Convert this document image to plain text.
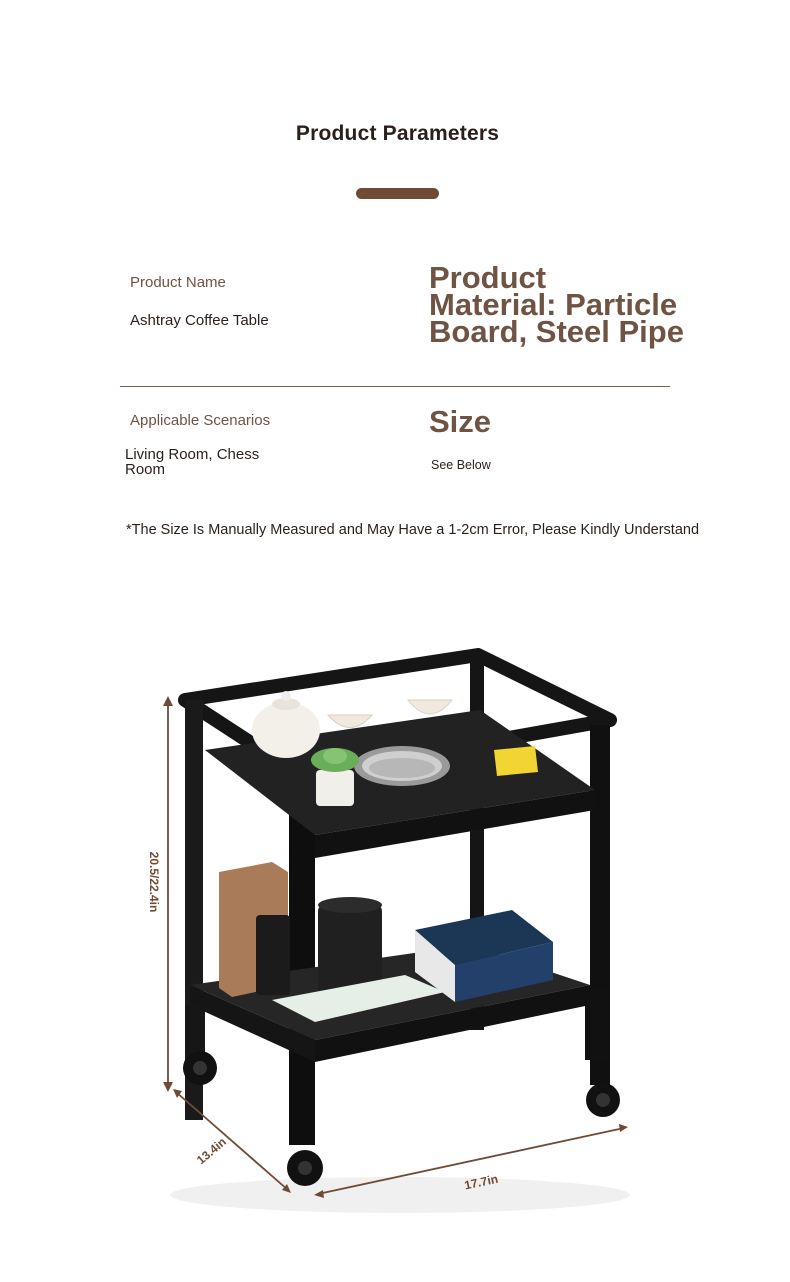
Product Parameters
Product Name
Ashtray Coffee Table
Product
Material: Particle
Board, Steel Pipe
Applicable Scenarios
Living Room, Chess
Room
Size
See Below
*The Size Is Manually Measured and May Have a 1-2cm Error, Please Kindly Understand
20.5/22.4in
13.4in
17.7in
